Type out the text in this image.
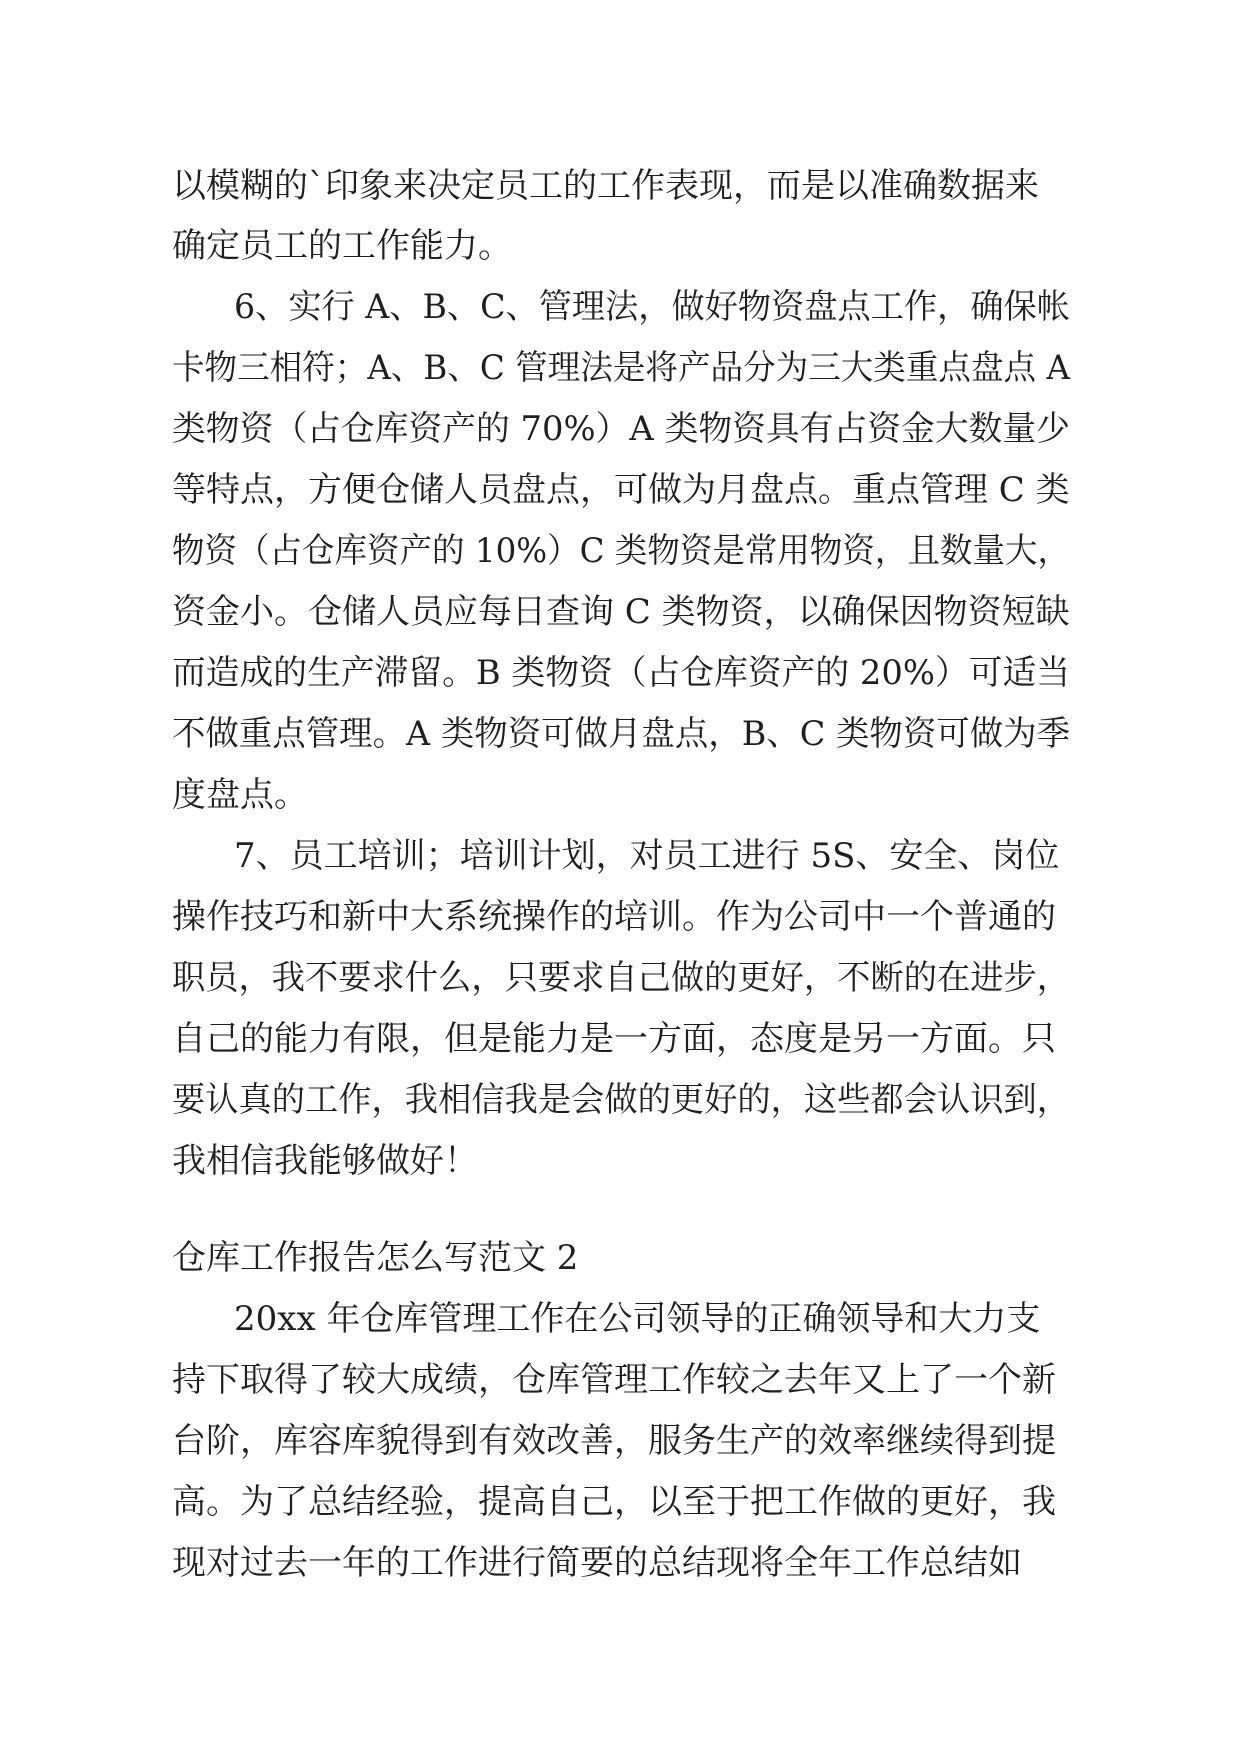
以模糊的`印象来决定员工的工作表现，而是以准确数据来
确定员工的工作能力。
6、实行 A、B、C、管理法，做好物资盘点工作，确保帐
卡物三相符；A、B、C 管理法是将产品分为三大类重点盘点 A
类物资（占仓库资产的 70%）A 类物资具有占资金大数量少
等特点，方便仓储人员盘点，可做为月盘点。重点管理 C 类
物资（占仓库资产的 10%）C 类物资是常用物资，且数量大，
资金小。仓储人员应每日查询 C 类物资，以确保因物资短缺
而造成的生产滞留。B 类物资（占仓库资产的 20%）可适当
不做重点管理。A 类物资可做月盘点，B、C 类物资可做为季
度盘点。
7、员工培训；培训计划，对员工进行 5S、安全、岗位
操作技巧和新中大系统操作的培训。作为公司中一个普通的
职员，我不要求什么，只要求自己做的更好，不断的在进步，
自己的能力有限，但是能力是一方面，态度是另一方面。只
要认真的工作，我相信我是会做的更好的，这些都会认识到，
我相信我能够做好！
仓库工作报告怎么写范文 2
20xx 年仓库管理工作在公司领导的正确领导和大力支
持下取得了较大成绩，仓库管理工作较之去年又上了一个新
台阶，库容库貌得到有效改善，服务生产的效率继续得到提
高。为了总结经验，提高自己，以至于把工作做的更好，我
现对过去一年的工作进行简要的总结现将全年工作总结如
